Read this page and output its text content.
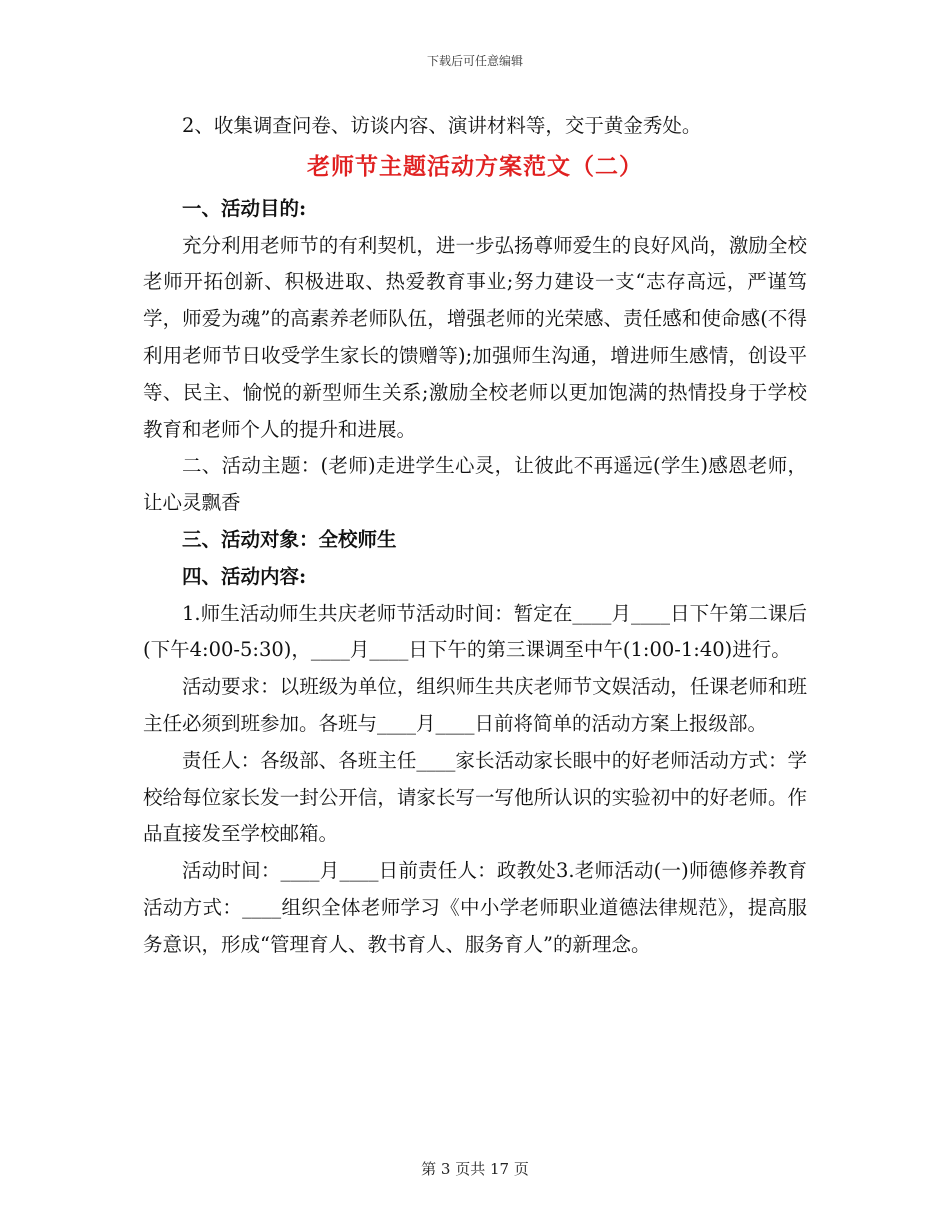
下载后可任意编辑

2、收集调查问卷、访谈内容、演讲材料等，交于黄金秀处。

老师节主题活动方案范文（二）

一、活动目的:

充分利用老师节的有利契机，进一步弘扬尊师爱生的良好风尚，激励全校老师开拓创新、积极进取、热爱教育事业;努力建设一支“志存高远，严谨笃学，师爱为魂”的高素养老师队伍，增强老师的光荣感、责任感和使命感(不得利用老师节日收受学生家长的馈赠等);加强师生沟通，增进师生感情，创设平等、民主、愉悦的新型师生关系;激励全校老师以更加饱满的热情投身于学校教育和老师个人的提升和进展。

二、活动主题：(老师)走进学生心灵，让彼此不再遥远(学生)感恩老师，让心灵飘香

三、活动对象：全校师生

四、活动内容:

1.师生活动师生共庆老师节活动时间：暂定在____月____日下午第二课后(下午4:00-5:30)，____月____日下午的第三课调至中午(1:00-1:40)进行。

活动要求：以班级为单位，组织师生共庆老师节文娱活动，任课老师和班主任必须到班参加。各班与____月____日前将简单的活动方案上报级部。

责任人：各级部、各班主任____家长活动家长眼中的好老师活动方式：学校给每位家长发一封公开信，请家长写一写他所认识的实验初中的好老师。作品直接发至学校邮箱。

活动时间：____月____日前责任人：政教处3.老师活动(一)师德修养教育活动方式：____组织全体老师学习《中小学老师职业道德法律规范》，提高服务意识，形成“管理育人、教书育人、服务育人”的新理念。

第 3 页共 17 页
